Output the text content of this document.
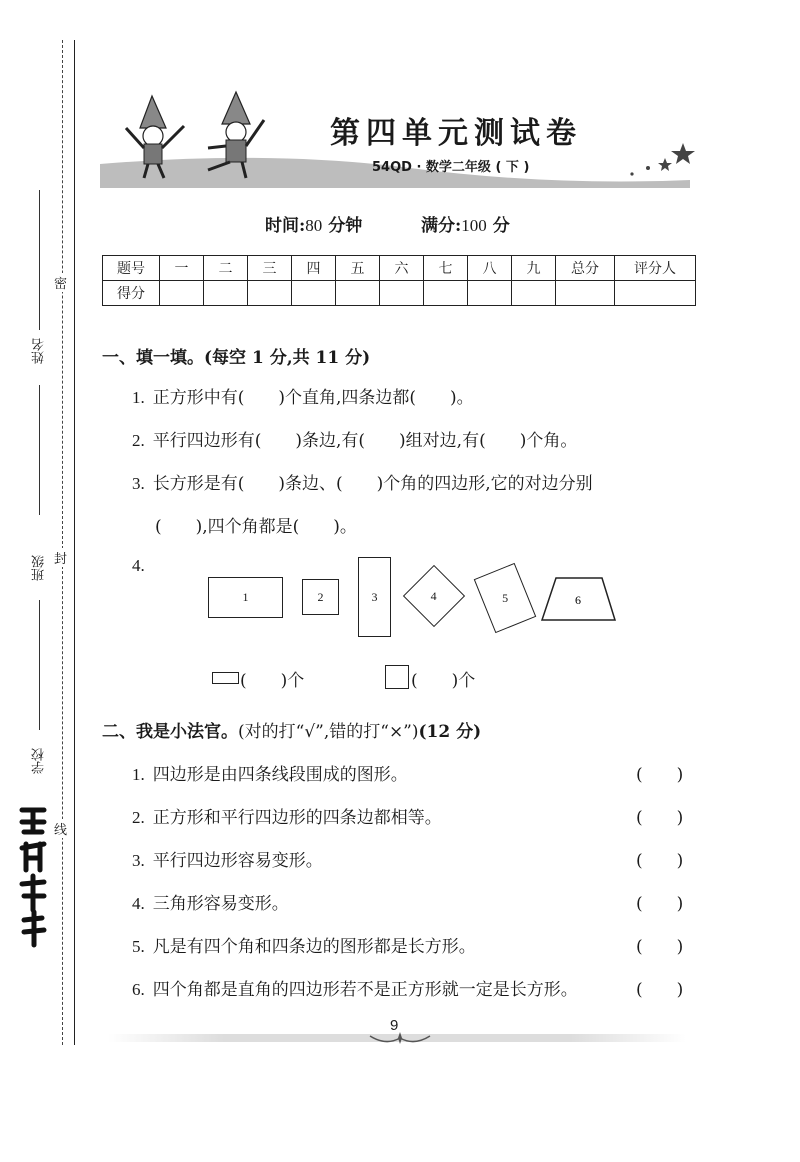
密
封
线
姓名
班级
学校
第四单元测试卷
54QD · 数学二年级 ( 下 )
时间:80 分钟	满分:100 分
题号	一	二	三	四	五	六	七	八	九	总分	评分人
得分											
一、填一填。(每空 1 分,共 11 分)
1. 正方形中有(　　)个直角,四条边都(　　)。
2. 平行四边形有(　　)条边,有(　　)组对边,有(　　)个角。
3. 长方形是有(　　)条边、(　　)个角的四边形,它的对边分别
(　　),四个角都是(　　)。
4.
1	2	3	4	5	6
(　　)个	(　　)个
二、我是小法官。(对的打“√”,错的打“×”)(12 分)
1. 四边形是由四条线段围成的图形。	(　　)
2. 正方形和平行四边形的四条边都相等。	(　　)
3. 平行四边形容易变形。	(　　)
4. 三角形容易变形。	(　　)
5. 凡是有四个角和四条边的图形都是长方形。	(　　)
6. 四个角都是直角的四边形若不是正方形就一定是长方形。	(　　)
9
